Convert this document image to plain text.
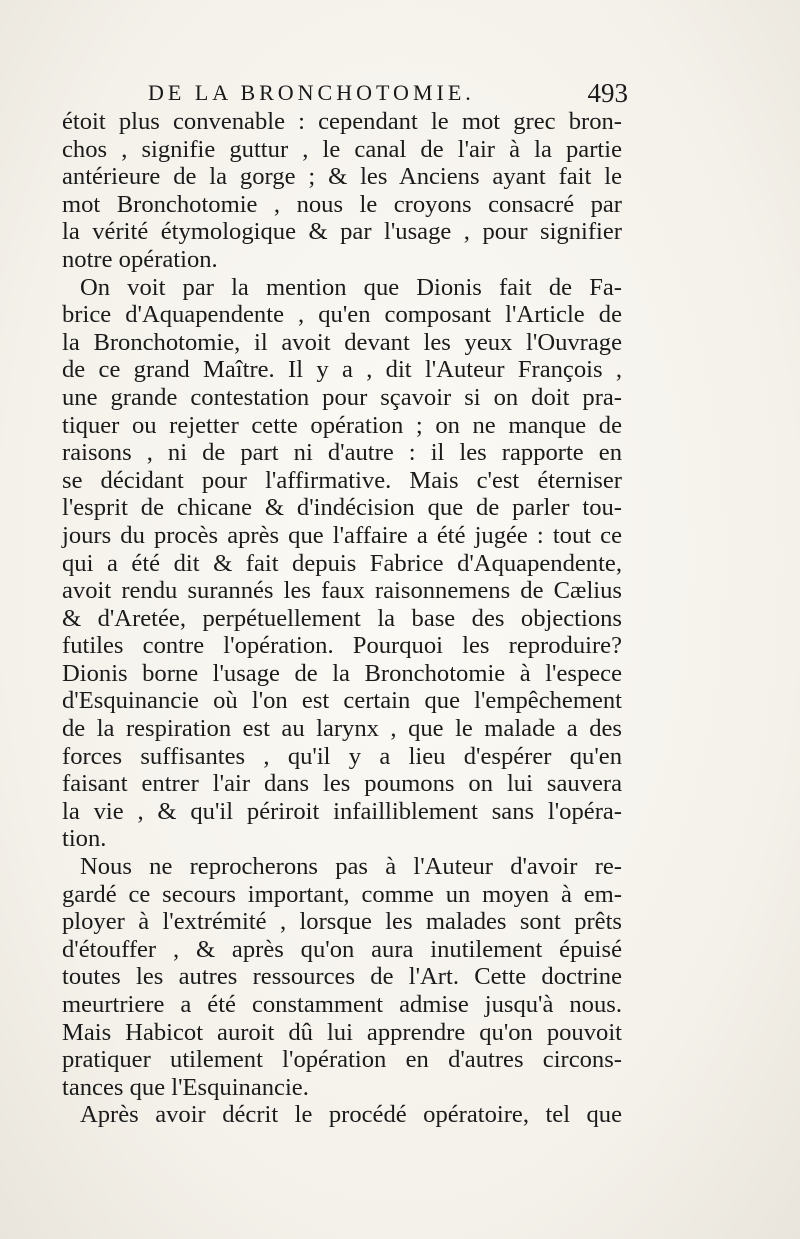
DE LA BRONCHOTOMIE.	493
étoit plus convenable : cependant le mot grec bron-
chos , signifie guttur , le canal de l'air à la partie
antérieure de la gorge ; & les Anciens ayant fait le
mot Bronchotomie , nous le croyons consacré par
la vérité étymologique & par l'usage , pour signifier
notre opération.
On voit par la mention que Dionis fait de Fa-
brice d'Aquapendente , qu'en composant l'Article de
la Bronchotomie, il avoit devant les yeux l'Ouvrage
de ce grand Maître. Il y a , dit l'Auteur François ,
une grande contestation pour sçavoir si on doit pra-
tiquer ou rejetter cette opération ; on ne manque de
raisons , ni de part ni d'autre : il les rapporte en
se décidant pour l'affirmative. Mais c'est éterniser
l'esprit de chicane & d'indécision que de parler tou-
jours du procès après que l'affaire a été jugée : tout ce
qui a été dit & fait depuis Fabrice d'Aquapendente,
avoit rendu surannés les faux raisonnemens de Cælius
& d'Aretée, perpétuellement la base des objections
futiles contre l'opération. Pourquoi les reproduire?
Dionis borne l'usage de la Bronchotomie à l'espece
d'Esquinancie où l'on est certain que l'empêchement
de la respiration est au larynx , que le malade a des
forces suffisantes , qu'il y a lieu d'espérer qu'en
faisant entrer l'air dans les poumons on lui sauvera
la vie , & qu'il périroit infailliblement sans l'opéra-
tion.
Nous ne reprocherons pas à l'Auteur d'avoir re-
gardé ce secours important, comme un moyen à em-
ployer à l'extrémité , lorsque les malades sont prêts
d'étouffer , & après qu'on aura inutilement épuisé
toutes les autres ressources de l'Art. Cette doctrine
meurtriere a été constamment admise jusqu'à nous.
Mais Habicot auroit dû lui apprendre qu'on pouvoit
pratiquer utilement l'opération en d'autres circons-
tances que l'Esquinancie.
Après avoir décrit le procédé opératoire, tel que
